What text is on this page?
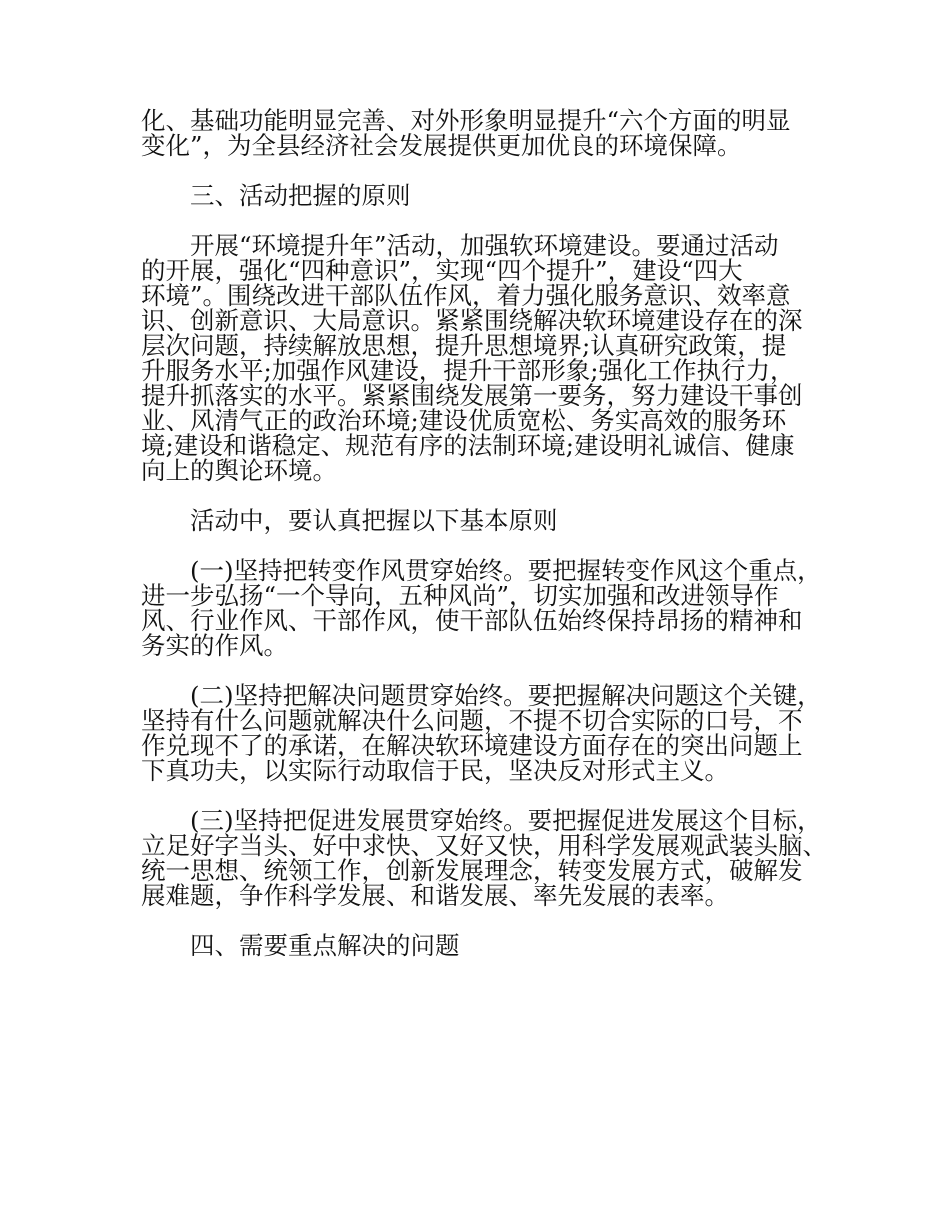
化、基础功能明显完善、对外形象明显提升“六个方面的明显
变化”，为全县经济社会发展提供更加优良的环境保障。
三、活动把握的原则
开展“环境提升年”活动，加强软环境建设。要通过活动
的开展，强化“四种意识”，实现“四个提升”，建设“四大
环境”。围绕改进干部队伍作风，着力强化服务意识、效率意
识、创新意识、大局意识。紧紧围绕解决软环境建设存在的深
层次问题，持续解放思想，提升思想境界;认真研究政策，提
升服务水平;加强作风建设，提升干部形象;强化工作执行力，
提升抓落实的水平。紧紧围绕发展第一要务，努力建设干事创
业、风清气正的政治环境;建设优质宽松、务实高效的服务环
境;建设和谐稳定、规范有序的法制环境;建设明礼诚信、健康
向上的舆论环境。
活动中，要认真把握以下基本原则
(一)坚持把转变作风贯穿始终。要把握转变作风这个重点，
进一步弘扬“一个导向，五种风尚”，切实加强和改进领导作
风、行业作风、干部作风，使干部队伍始终保持昂扬的精神和
务实的作风。
(二)坚持把解决问题贯穿始终。要把握解决问题这个关键，
坚持有什么问题就解决什么问题，不提不切合实际的口号，不
作兑现不了的承诺，在解决软环境建设方面存在的突出问题上
下真功夫，以实际行动取信于民，坚决反对形式主义。
(三)坚持把促进发展贯穿始终。要把握促进发展这个目标，
立足好字当头、好中求快、又好又快，用科学发展观武装头脑、
统一思想、统领工作，创新发展理念，转变发展方式，破解发
展难题，争作科学发展、和谐发展、率先发展的表率。
四、需要重点解决的问题
